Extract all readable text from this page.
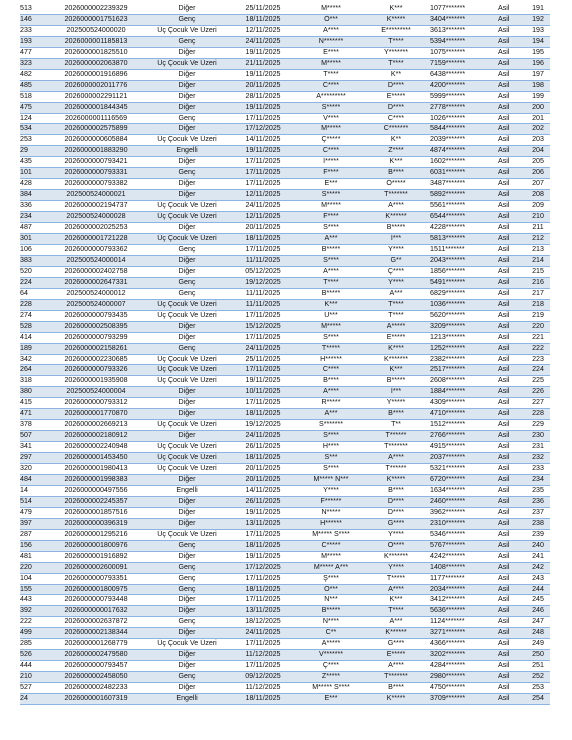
513	2026000002239329	Diğer	25/11/2025	M*****	K***	1077*******	Asil	191
146	2026000001751623	Genç	18/11/2025	Ö***	K*****	3404*******	Asil	192
233	202500524000020	Üç Çocuk Ve Üzeri	12/11/2025	A****	E*********	3613*******	Asil	193
193	2026000001185813	Genç	24/11/2025	N*******	T****	5394*******	Asil	194
477	2026000001825510	Diğer	19/11/2025	E****	Y*******	1075*******	Asil	195
323	2026000002063870	Üç Çocuk Ve Üzeri	21/11/2025	M*****	T****	7159*******	Asil	196
482	2026000001916896	Diğer	19/11/2025	T****	K**	6438*******	Asil	197
485	2026000002011776	Diğer	20/11/2025	C****	D****	4200*******	Asil	198
518	2026000002291121	Diğer	28/11/2025	A*********	E*****	5999*******	Asil	199
475	2026000001844345	Diğer	19/11/2025	S*****	D****	2778*******	Asil	200
124	2026000001116569	Genç	17/11/2025	V****	C****	1026*******	Asil	201
534	2026000002575899	Diğer	17/12/2025	M*****	C*******	5844*******	Asil	202
253	2026000000605884	Üç Çocuk Ve Üzeri	14/11/2025	Ç*****	K**	2039*******	Asil	203
29	2026000001883290	Engelli	19/11/2025	C****	Z****	4874*******	Asil	204
435	2026000000793421	Diğer	17/11/2025	İ*****	K***	1602*******	Asil	205
101	2026000000793331	Genç	17/11/2025	F****	B****	6031*******	Asil	206
428	2026000000793382	Diğer	17/11/2025	E***	Ö*****	3487*******	Asil	207
384	202500524000021	Diğer	12/11/2025	S*****	T*******	5892*******	Asil	208
336	2026000002194737	Üç Çocuk Ve Üzeri	24/11/2025	M*****	A****	5561*******	Asil	209
234	202500524000028	Üç Çocuk Ve Üzeri	12/11/2025	F****	K******	6544*******	Asil	210
487	2026000002025253	Diğer	20/11/2025	S****	B*****	4228*******	Asil	211
301	2026000001721228	Üç Çocuk Ve Üzeri	18/11/2025	A***	İ***	5813*******	Asil	212
106	2026000000793362	Genç	17/11/2025	B*****	Y****	1511*******	Asil	213
383	202500524000014	Diğer	11/11/2025	S****	G**	2043*******	Asil	214
520	2026000002402758	Diğer	05/12/2025	A****	Ç****	1856*******	Asil	215
224	2026000002647331	Genç	19/12/2025	T****	Y****	5491*******	Asil	216
64	202500524000012	Genç	11/11/2025	B*****	A***	6829*******	Asil	217
228	202500524000007	Üç Çocuk Ve Üzeri	11/11/2025	K***	T****	1036*******	Asil	218
274	2026000000793435	Üç Çocuk Ve Üzeri	17/11/2025	U***	T****	5620*******	Asil	219
528	2026000002508395	Diğer	15/12/2025	M*****	A*****	3209*******	Asil	220
414	2026000000793299	Diğer	17/11/2025	S****	E*****	1213*******	Asil	221
189	2026000002158261	Genç	24/11/2025	T*****	K****	1252*******	Asil	222
342	2026000002230685	Üç Çocuk Ve Üzeri	25/11/2025	H******	K*******	2382*******	Asil	223
264	2026000000793326	Üç Çocuk Ve Üzeri	17/11/2025	C****	K***	2517*******	Asil	224
318	2026000001935908	Üç Çocuk Ve Üzeri	19/11/2025	B****	B*****	2608*******	Asil	225
380	202500524000004	Diğer	10/11/2025	A****	İ***	1884*******	Asil	226
415	2026000000793312	Diğer	17/11/2025	R*****	Y*****	4309*******	Asil	227
471	2026000001770870	Diğer	18/11/2025	A***	B****	4710*******	Asil	228
378	2026000002669213	Üç Çocuk Ve Üzeri	19/12/2025	S*******	T**	1512*******	Asil	229
507	2026000002180912	Diğer	24/11/2025	S****	T******	2766*******	Asil	230
341	2026000002240948	Üç Çocuk Ve Üzeri	26/11/2025	H****	T*******	4915*******	Asil	231
297	2026000001453450	Üç Çocuk Ve Üzeri	18/11/2025	S***	A****	2037*******	Asil	232
320	2026000001980413	Üç Çocuk Ve Üzeri	20/11/2025	S****	T******	5321*******	Asil	233
484	2026000001998383	Diğer	20/11/2025	M***** N***	K*****	6720*******	Asil	234
14	2026000000497556	Engelli	14/11/2025	Y****	B****	1634*******	Asil	235
514	2026000002245357	Diğer	26/11/2025	F******	D****	2460*******	Asil	236
479	2026000001857516	Diğer	19/11/2025	N*****	D****	3962*******	Asil	237
397	2026000000396319	Diğer	13/11/2025	H******	G****	2310*******	Asil	238
287	2026000001295216	Üç Çocuk Ve Üzeri	17/11/2025	M***** S****	Y****	5346*******	Asil	239
156	2026000001800976	Genç	18/11/2025	C*****	O****	5767*******	Asil	240
481	2026000001916892	Diğer	19/11/2025	M*****	K*******	4242*******	Asil	241
220	2026000002600091	Genç	17/12/2025	M***** A***	Y****	1408*******	Asil	242
104	2026000000793351	Genç	17/11/2025	Ş****	T*****	1177*******	Asil	243
155	2026000001800975	Genç	18/11/2025	O***	A****	2034*******	Asil	244
443	2026000000793448	Diğer	17/11/2025	N***	K***	3412*******	Asil	245
392	2026000000017632	Diğer	13/11/2025	B*****	T****	5636*******	Asil	246
222	2026000002637872	Genç	18/12/2025	N****	A***	1124*******	Asil	247
499	2026000002138344	Diğer	24/11/2025	C**	K******	3271*******	Asil	248
285	2026000001268779	Üç Çocuk Ve Üzeri	17/11/2025	A*****	G****	4366*******	Asil	249
526	2026000002479580	Diğer	11/12/2025	V*******	E*****	3202*******	Asil	250
444	2026000000793457	Diğer	17/11/2025	Ç****	A****	4284*******	Asil	251
210	2026000002458050	Genç	09/12/2025	Z*****	T*******	2980*******	Asil	252
527	2026000002482233	Diğer	11/12/2025	M***** S****	B****	4750*******	Asil	253
24	2026000001607319	Engelli	18/11/2025	E***	K*****	3709*******	Asil	254
